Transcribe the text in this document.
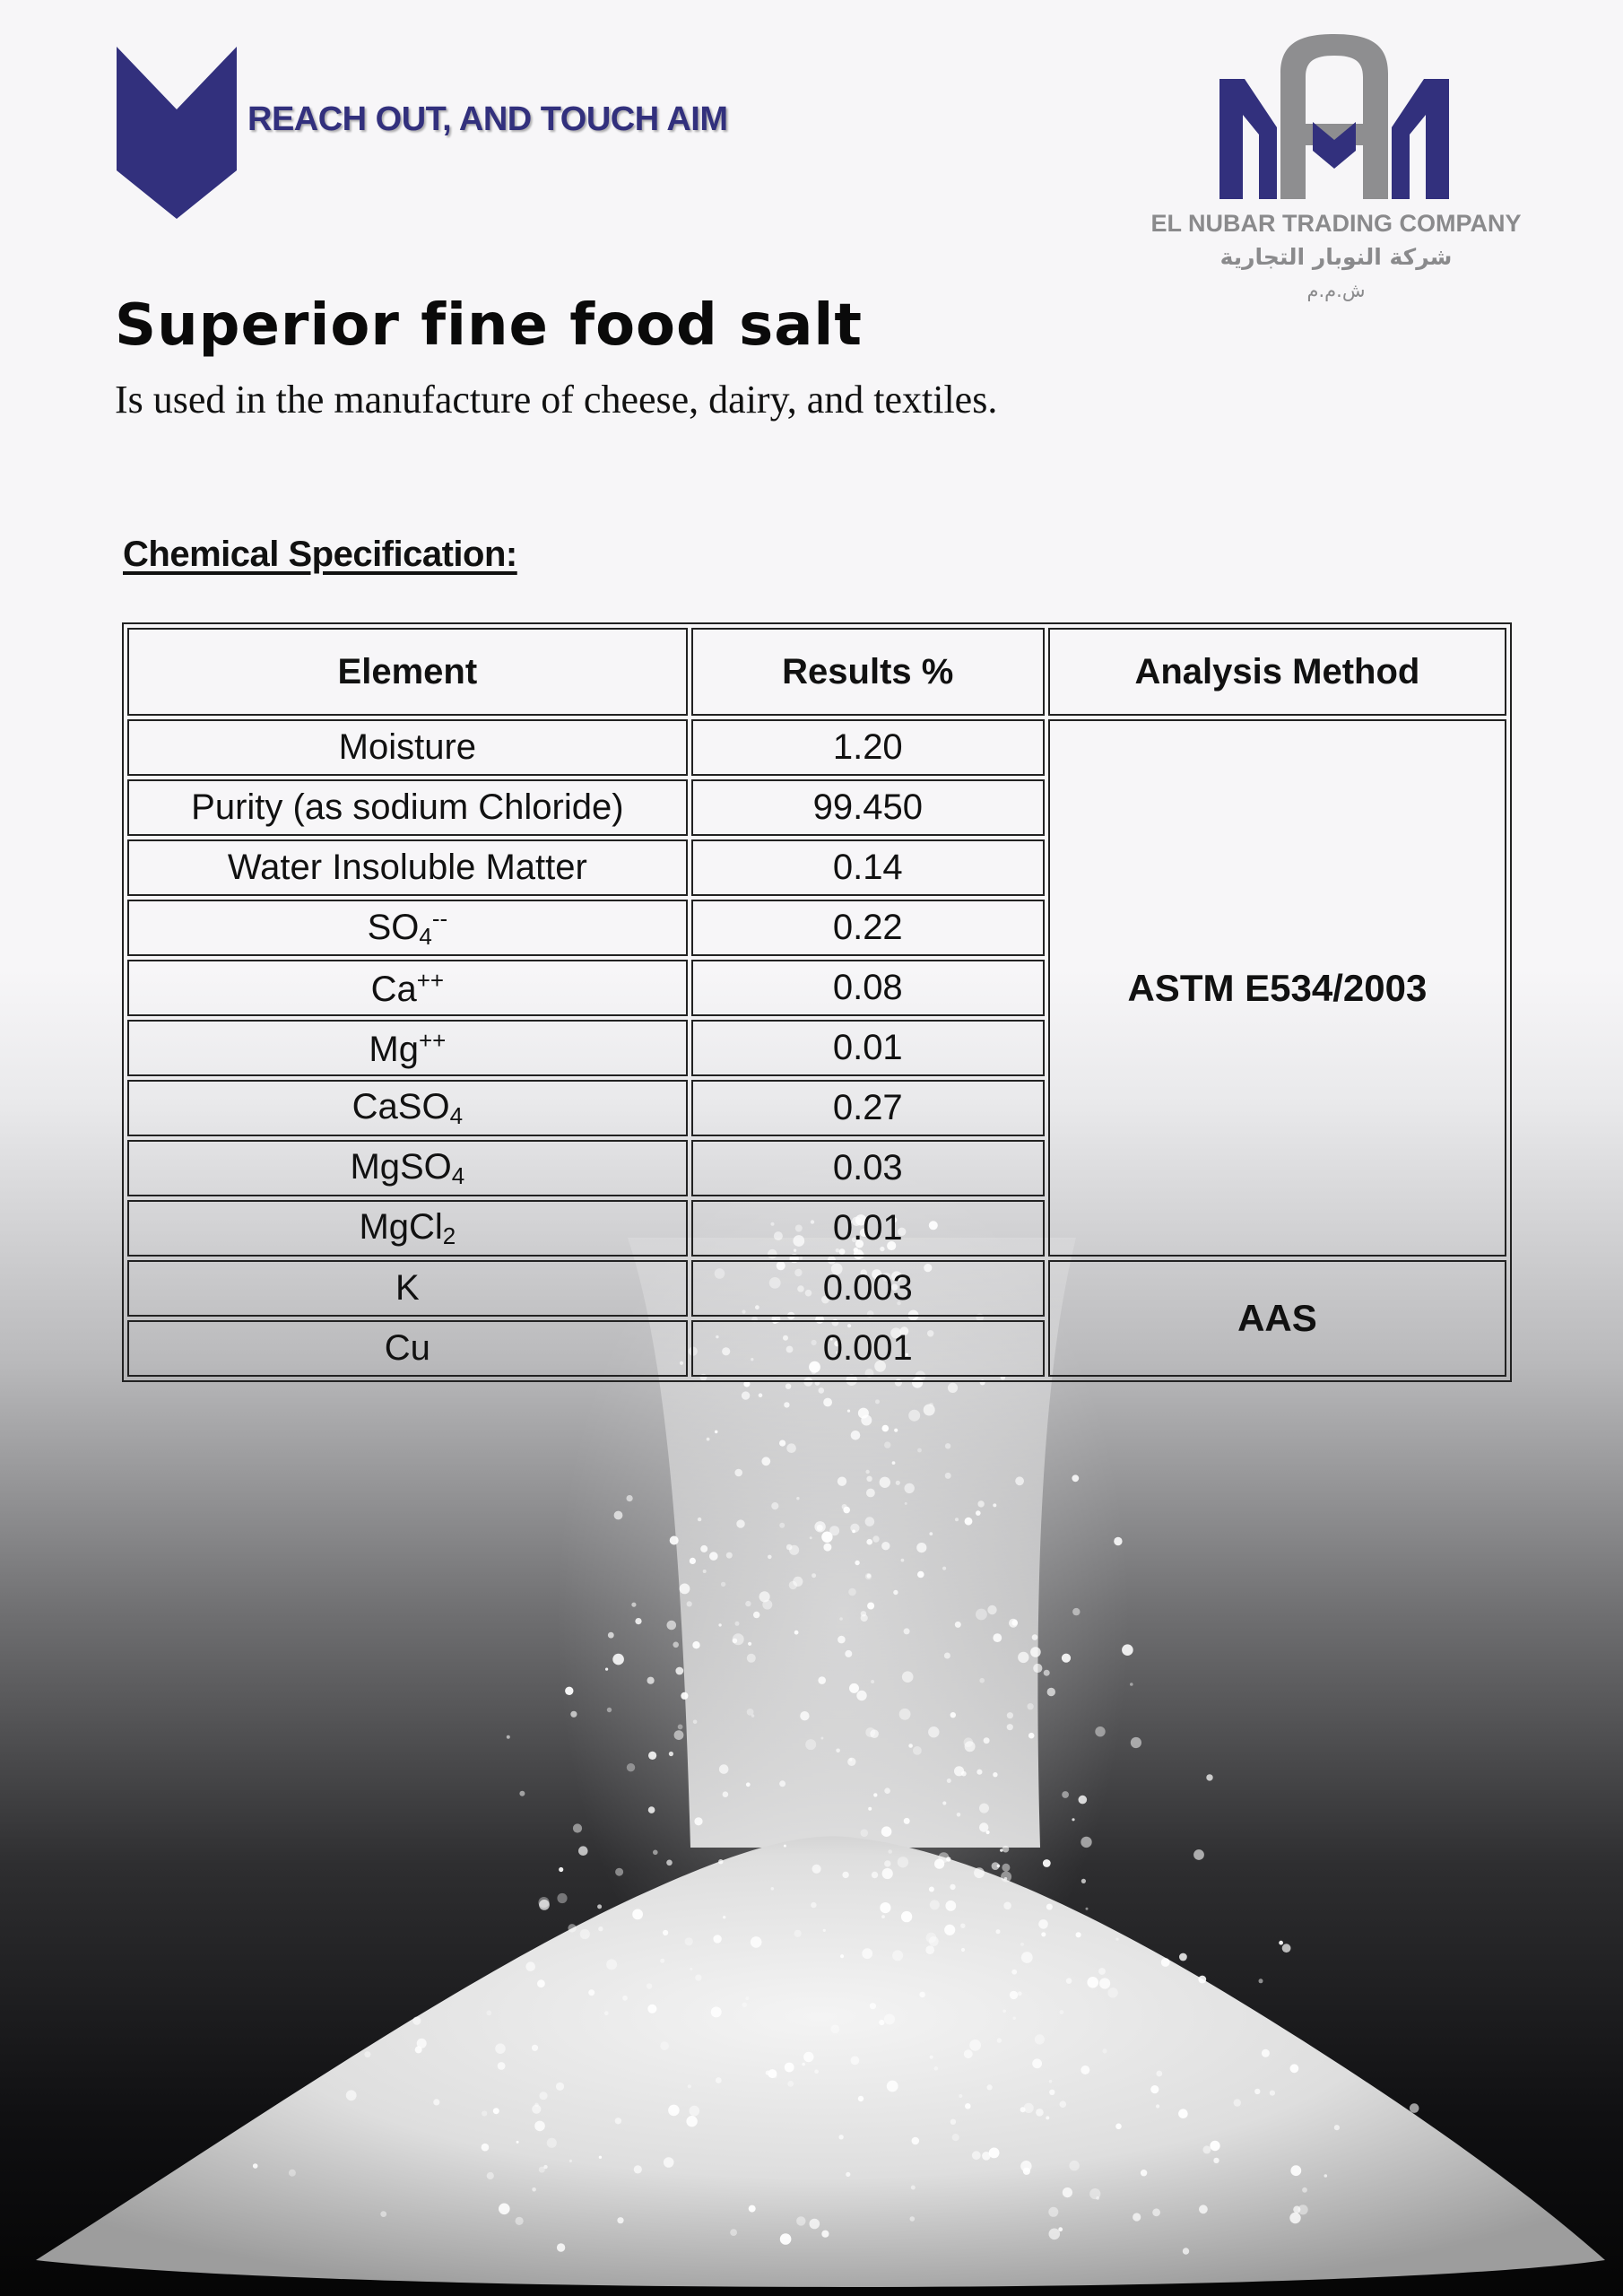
REACH OUT, AND TOUCH AIM
EL NUBAR TRADING COMPANY
شركة النوبار التجارية
ش.م.م
Superior fine food salt
Is used in the manufacture of cheese, dairy, and textiles.
Chemical Specification:
Element	Results %	Analysis Method
Moisture	1.20	ASTM E534/2003
Purity (as sodium Chloride)	99.450	
Water Insoluble Matter	0.14	
$SO_4^{--}$	0.22	
Ca++	0.08	
Mg++	0.01	
CaSO$_4$	0.27	
MgSO$_4$	0.03	
MgCl$_2$	0.01	
K	0.003	AAS
Cu	0.001	
